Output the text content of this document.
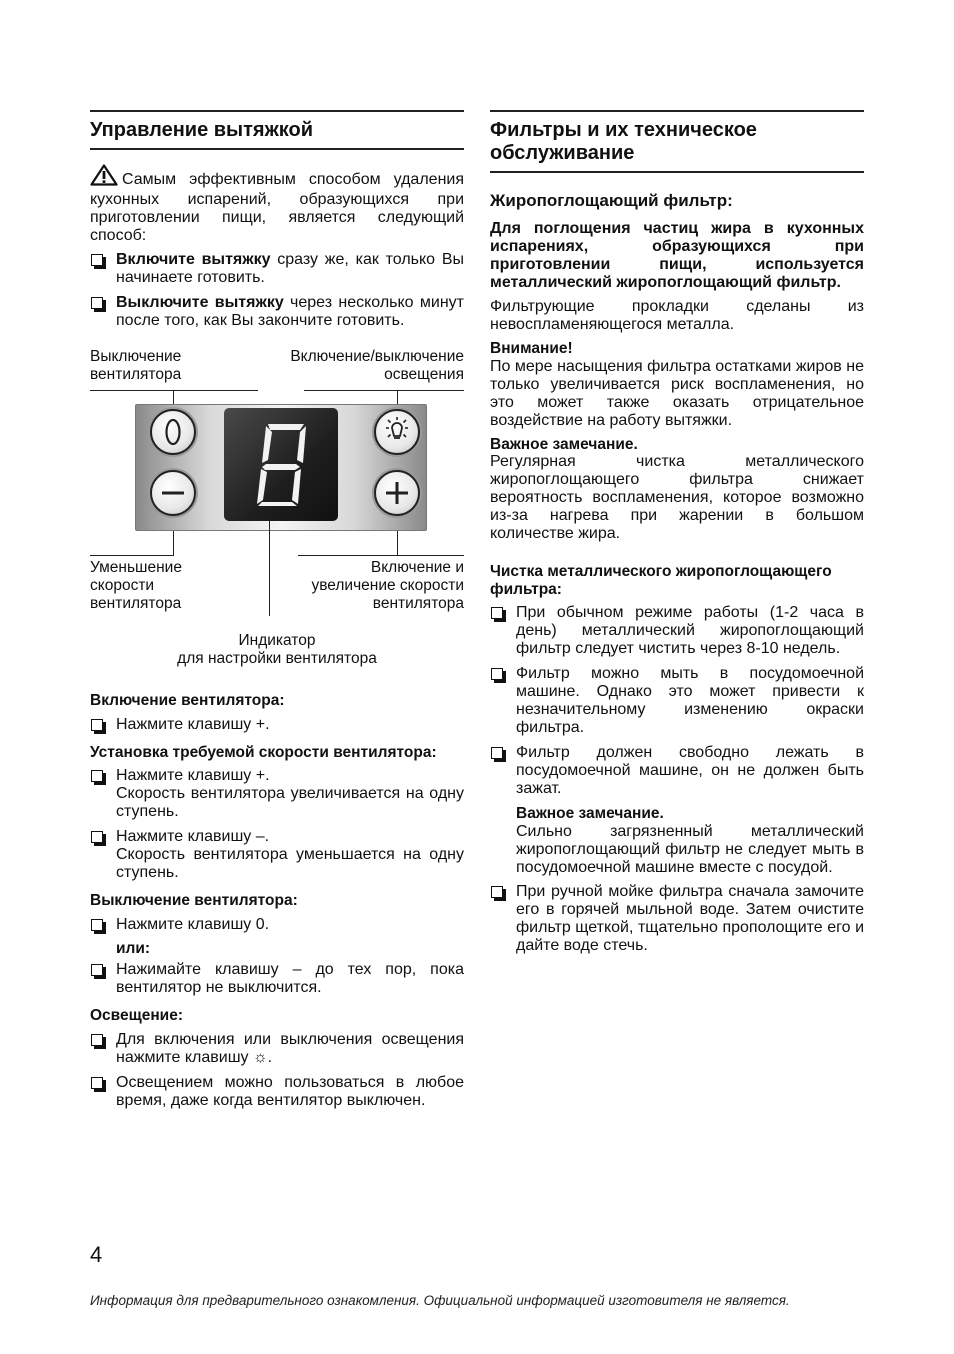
Управление вытяжкой

Самым эффективным способом удаления кухонных испарений, образующихся при приготовлении пищи, является следующий способ:

Включите вытяжку сразу же, как только Вы начинаете готовить.
Выключите вытяжку через несколько минут после того, как Вы закончите готовить.
Выключение
вентилятора
Включение/выключение
освещения
Уменьшение
скорости
вентилятора
Включение и
увеличение скорости
вентилятора
Индикатор
для настройки вентилятора
Включение вентилятора:
Нажмите клавишу +.
Установка требуемой скорости вентилятора:
Нажмите клавишу +.
Скорость вентилятора увеличивается на одну ступень.
Нажмите клавишу –.
Скорость вентилятора уменьшается на одну ступень.
Выключение вентилятора:
Нажмите клавишу 0.
или:
Нажимайте клавишу – до тех пор, пока вентилятор не выключится.
Освещение:
Для включения или выключения освещения нажмите клавишу ☼.
Освещением можно пользоваться в любое время, даже когда вентилятор выключен.
Фильтры и их техническое обслуживание
Жиропоглощающий фильтр:

Для поглощения частиц жира в кухонных испарениях, образующихся при приготовлении пищи, используется металлический жиропоглощающий фильтр.

Фильтрующие прокладки сделаны из невоспламеняющегося металла.

Внимание!

По мере насыщения фильтра остатками жиров не только увеличивается риск воспламенения, но это может также оказать отрицательное воздействие на работу вытяжки.

Важное замечание.

Регулярная чистка металлического жиропоглощающего фильтра снижает вероятность воспламенения, которое возможно из-за нагрева при жарении в большом количестве жира.

Чистка металлического жиропоглощающего фильтра:
При обычном режиме работы (1-2 часа в день) металлический жиропоглощающий фильтр следует чистить через 8-10 недель.
Фильтр можно мыть в посудомоечной машине. Однако это может привести к незначительному изменению окраски фильтра.
Фильтр должен свободно лежать в посудомоечной машине, он не должен быть зажат.
Важное замечание.

Сильно загрязненный металлический жиропоглощающий фильтр не следует мыть в посудомоечной машине вместе с посудой.

При ручной мойке фильтра сначала замочите его в горячей мыльной воде. Затем очистите фильтр щеткой, тщательно прополощите его и дайте воде стечь.
4
Информация для предварительного ознакомления. Официальной информацией изготовителя не является.
